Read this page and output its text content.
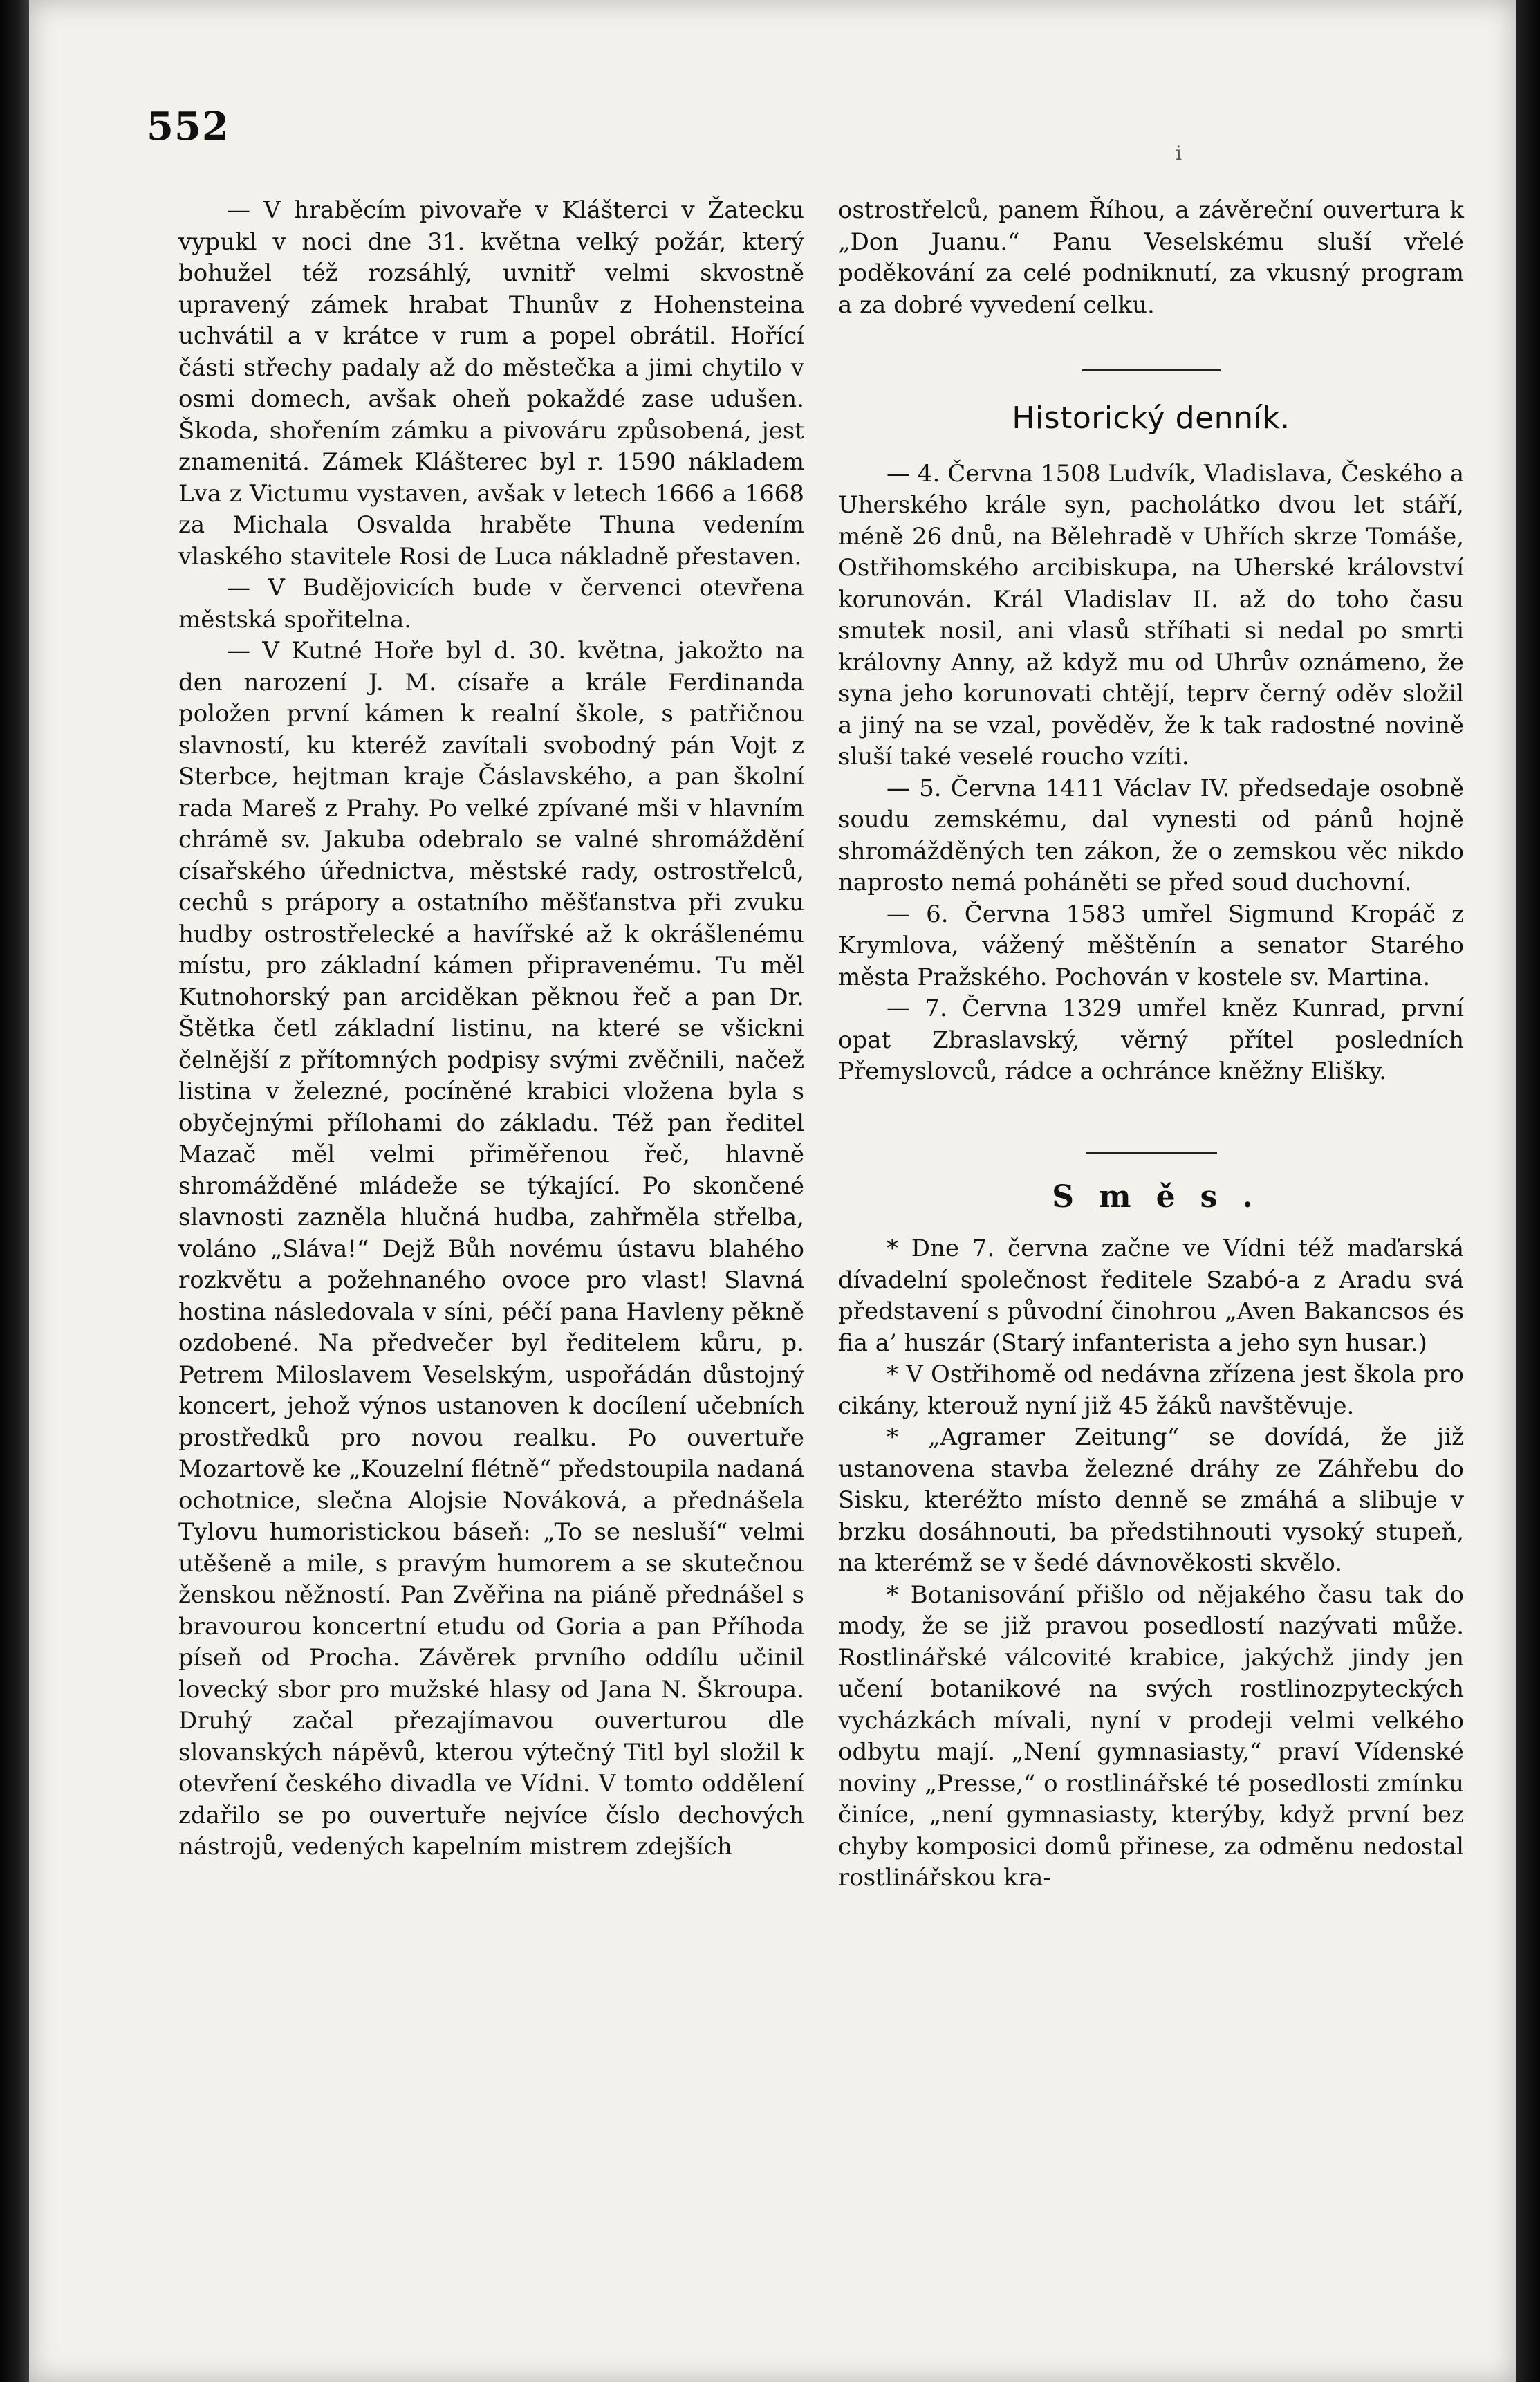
552
i

— V hraběcím pivovaře v Klášterci v Žatecku vypukl v noci dne 31. května velký požár, který bohužel též rozsáhlý, uvnitř velmi skvostně upravený zámek hrabat Thunův z Hohensteina uchvátil a v krátce v rum a popel obrátil. Hořící části střechy padaly až do městečka a jimi chytilo v osmi domech, avšak oheň pokaždé zase udušen. Škoda, shořením zámku a pivováru způsobená, jest znamenitá. Zámek Klášterec byl r. 1590 nákladem Lva z Victumu vystaven, avšak v letech 1666 a 1668 za Michala Osvalda hraběte Thuna vedením vlaského stavitele Rosi de Luca nákladně přestaven.

— V Budějovicích bude v červenci otevřena městská spořitelna.

— V Kutné Hoře byl d. 30. května, jakožto na den narození J. M. císaře a krále Ferdinanda položen první kámen k realní škole, s patřičnou slavností, ku kteréž zavítali svobodný pán Vojt z Sterbce, hejtman kraje Čáslavského, a pan školní rada Mareš z Prahy. Po velké zpívané mši v hlavním chrámě sv. Jakuba odebralo se valné shromáždění císařského úřednictva, městské rady, ostrostřelců, cechů s prápory a ostatního měšťanstva při zvuku hudby ostrostřelecké a havířské až k okrášlenému místu, pro základní kámen připravenému. Tu měl Kutnohorský pan arciděkan pěknou řeč a pan Dr. Štětka četl základní listinu, na které se všickni čelnější z přítomných podpisy svými zvěčnili, načež listina v železné, pocíněné krabici vložena byla s obyčejnými přílohami do základu. Též pan ředitel Mazač měl velmi přiměřenou řeč, hlavně shromážděné mládeže se týkající. Po skončené slavnosti zazněla hlučná hudba, zahřměla střelba, voláno „Sláva!“ Dejž Bůh novému ústavu blahého rozkvětu a požehnaného ovoce pro vlast! Slavná hostina následovala v síni, péčí pana Havleny pěkně ozdobené. Na předvečer byl ředitelem kůru, p. Petrem Miloslavem Veselským, uspořádán důstojný koncert, jehož výnos ustanoven k docílení učebních prostředků pro novou realku. Po ouvertuře Mozartově ke „Kouzelní flétně“ předstoupila nadaná ochotnice, slečna Alojsie Nováková, a přednášela Tylovu humoristickou báseň: „To se nesluší“ velmi utěšeně a mile, s pravým humorem a se skutečnou ženskou něžností. Pan Zvěřina na piáně přednášel s bravourou koncertní etudu od Goria a pan Příhoda píseň od Procha. Závěrek prvního oddílu učinil lovecký sbor pro mužské hlasy od Jana N. Škroupa. Druhý začal přezajímavou ouverturou dle slovanských nápěvů, kterou výtečný Titl byl složil k otevření českého divadla ve Vídni. V tomto oddělení zdařilo se po ouvertuře nejvíce číslo dechových nástrojů, vedených kapelním mistrem zdejších

ostrostřelců, panem Říhou, a závěreční ouvertura k „Don Juanu.“ Panu Veselskému sluší vřelé poděkování za celé podniknutí, za vkusný program a za dobré vyvedení celku.

Historický denník.

— 4. Června 1508 Ludvík, Vladislava, Českého a Uherského krále syn, pacholátko dvou let stáří, méně 26 dnů, na Bělehradě v Uhřích skrze Tomáše, Ostřihomského arcibiskupa, na Uherské království korunován. Král Vladislav II. až do toho času smutek nosil, ani vlasů stříhati si nedal po smrti královny Anny, až když mu od Uhrův oznámeno, že syna jeho korunovati chtějí, teprv černý oděv složil a jiný na se vzal, pověděv, že k tak radostné novině sluší také veselé roucho vzíti.

— 5. Června 1411 Václav IV. předsedaje osobně soudu zemskému, dal vynesti od pánů hojně shromážděných ten zákon, že o zemskou věc nikdo naprosto nemá poháněti se před soud duchovní.

— 6. Června 1583 umřel Sigmund Kropáč z Krymlova, vážený měštěnín a senator Starého města Pražského. Pochován v kostele sv. Martina.

— 7. Června 1329 umřel kněz Kunrad, první opat Zbraslavský, věrný přítel posledních Přemyslovců, rádce a ochránce kněžny Elišky.

Směs.

* Dne 7. června začne ve Vídni též maďarská dívadelní společnost ředitele Szabó-a z Aradu svá představení s původní činohrou „Aven Bakancsos és fia a’ huszár (Starý infanterista a jeho syn husar.)

* V Ostřihomě od nedávna zřízena jest škola pro cikány, kterouž nyní již 45 žáků navštěvuje.

* „Agramer Zeitung“ se dovídá, že již ustanovena stavba železné dráhy ze Záhřebu do Sisku, kteréžto místo denně se zmáhá a slibuje v brzku dosáhnouti, ba předstihnouti vysoký stupeň, na kterémž se v šedé dávnověkosti skvělo.

* Botanisování přišlo od nějakého času tak do mody, že se již pravou posedlostí nazývati může. Rostlinářské válcovité krabice, jakýchž jindy jen učení botanikové na svých rostlinozpyteckých vycházkách mívali, nyní v prodeji velmi velkého odbytu mají. „Není gymnasiasty,“ praví Vídenské noviny „Presse,“ o rostlinářské té posedlosti zmínku činíce, „není gymnasiasty, kterýby, když první bez chyby komposici domů přinese, za odměnu nedostal rostlinářskou kra-
